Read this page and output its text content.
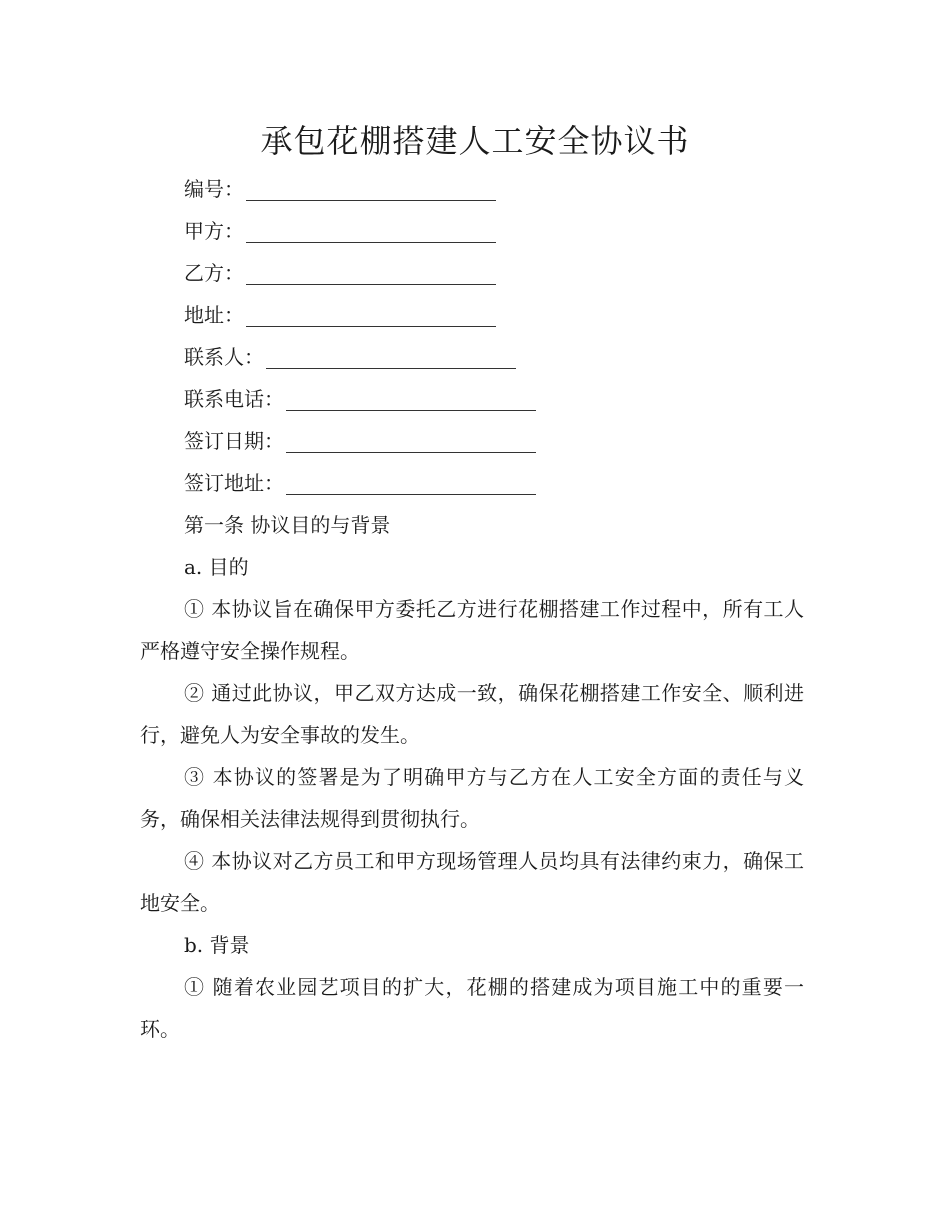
承包花棚搭建人工安全协议书
编号：
甲方：
乙方：
地址：
联系人：
联系电话：
签订日期：
签订地址：

第一条 协议目的与背景

a. 目的

① 本协议旨在确保甲方委托乙方进行花棚搭建工作过程中，所有工人严格遵守安全操作规程。

② 通过此协议，甲乙双方达成一致，确保花棚搭建工作安全、顺利进行，避免人为安全事故的发生。

③ 本协议的签署是为了明确甲方与乙方在人工安全方面的责任与义务，确保相关法律法规得到贯彻执行。

④ 本协议对乙方员工和甲方现场管理人员均具有法律约束力，确保工地安全。

b. 背景

① 随着农业园艺项目的扩大，花棚的搭建成为项目施工中的重要一环。
